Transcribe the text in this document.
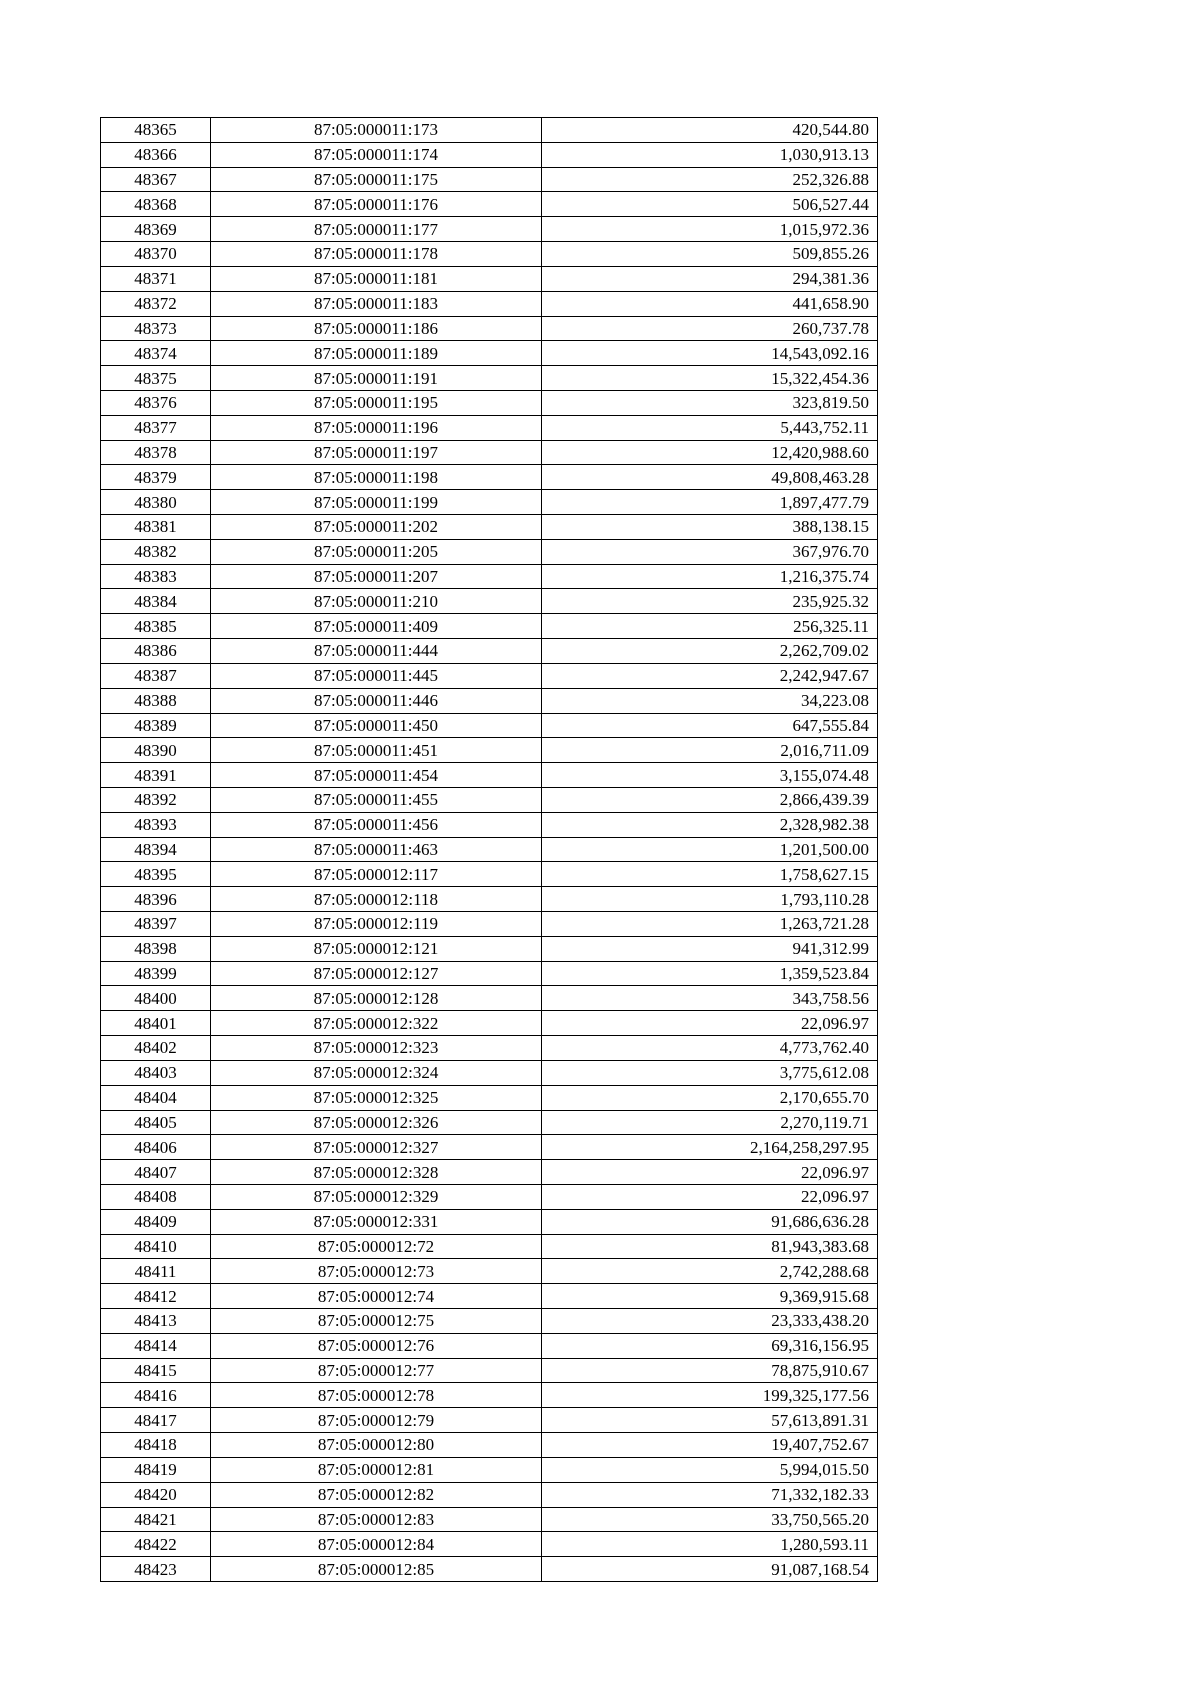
48365	87:05:000011:173	420,544.80
48366	87:05:000011:174	1,030,913.13
48367	87:05:000011:175	252,326.88
48368	87:05:000011:176	506,527.44
48369	87:05:000011:177	1,015,972.36
48370	87:05:000011:178	509,855.26
48371	87:05:000011:181	294,381.36
48372	87:05:000011:183	441,658.90
48373	87:05:000011:186	260,737.78
48374	87:05:000011:189	14,543,092.16
48375	87:05:000011:191	15,322,454.36
48376	87:05:000011:195	323,819.50
48377	87:05:000011:196	5,443,752.11
48378	87:05:000011:197	12,420,988.60
48379	87:05:000011:198	49,808,463.28
48380	87:05:000011:199	1,897,477.79
48381	87:05:000011:202	388,138.15
48382	87:05:000011:205	367,976.70
48383	87:05:000011:207	1,216,375.74
48384	87:05:000011:210	235,925.32
48385	87:05:000011:409	256,325.11
48386	87:05:000011:444	2,262,709.02
48387	87:05:000011:445	2,242,947.67
48388	87:05:000011:446	34,223.08
48389	87:05:000011:450	647,555.84
48390	87:05:000011:451	2,016,711.09
48391	87:05:000011:454	3,155,074.48
48392	87:05:000011:455	2,866,439.39
48393	87:05:000011:456	2,328,982.38
48394	87:05:000011:463	1,201,500.00
48395	87:05:000012:117	1,758,627.15
48396	87:05:000012:118	1,793,110.28
48397	87:05:000012:119	1,263,721.28
48398	87:05:000012:121	941,312.99
48399	87:05:000012:127	1,359,523.84
48400	87:05:000012:128	343,758.56
48401	87:05:000012:322	22,096.97
48402	87:05:000012:323	4,773,762.40
48403	87:05:000012:324	3,775,612.08
48404	87:05:000012:325	2,170,655.70
48405	87:05:000012:326	2,270,119.71
48406	87:05:000012:327	2,164,258,297.95
48407	87:05:000012:328	22,096.97
48408	87:05:000012:329	22,096.97
48409	87:05:000012:331	91,686,636.28
48410	87:05:000012:72	81,943,383.68
48411	87:05:000012:73	2,742,288.68
48412	87:05:000012:74	9,369,915.68
48413	87:05:000012:75	23,333,438.20
48414	87:05:000012:76	69,316,156.95
48415	87:05:000012:77	78,875,910.67
48416	87:05:000012:78	199,325,177.56
48417	87:05:000012:79	57,613,891.31
48418	87:05:000012:80	19,407,752.67
48419	87:05:000012:81	5,994,015.50
48420	87:05:000012:82	71,332,182.33
48421	87:05:000012:83	33,750,565.20
48422	87:05:000012:84	1,280,593.11
48423	87:05:000012:85	91,087,168.54
